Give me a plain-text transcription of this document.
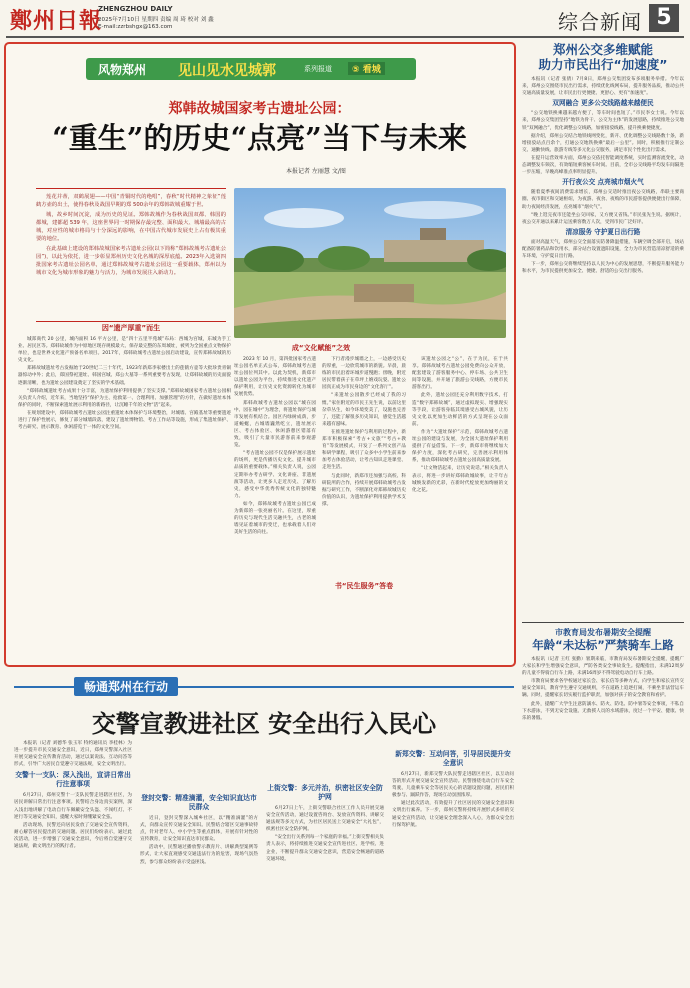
鄭州日報
ZHENGZHOU DAILY
2025年7月10日 星期四 责编 周 琦 校对 刘 鑫
E-mail:zzrbshgx@163.com	综合新闻 5
风物郑州 见山见水见城郭	系列报道	⑤ 看城
郑韩故城国家考古遗址公园：
“重生”的历史“点亮”当下与未来
本报记者 左丽慧 文/图

莲花并蒂，双鹤展翅——中国“青铜时代的绝唱”，春秋“时代精神之象征”莲鹤方壶的出土，使得春秋及战国早期的郑 500余年的郑韩故城重耀于世。

城，故乡时间沉淀，成为历史的见证。郑韩故城作为春秋战国双都、韩国的都城，建都超 539 年，这座世界同一时期保存最完整、面积最大、城墙最高的古城，对应性的城市格局与十分深远的影响，在中国古代城市发展史上占有极其重要的地位。

在此基础上建设的郑韩故城国家考古遗址公园(以下简称“郑韩故城考古遗址公园”)，以此为依托，进一步彰显郑州历史文化名城的深厚底蕴。2023年入选第四批国家考古遗址公园名单，通过郑韩故城考古遗址公园这一重要载体，郑州以为城市文化为城市形象的魅力与活力，为城市发展注入新动力。

因“遗产厚重”而生

城郑商代 20 公里，城内面积 16 平方公里，是“四十五里半苑城”布局：西城为宫城，东城为手工业、居民区等。郑韩故城作为中原地区现存规模最大、保存最完整的东周城址，被列为全国重点文物保护单位，也是世界文化遗产预备名单项目。2017年，郑韩故城考古遗址公园启动建设，宣传郑韩故城的历史文化。

郑韩故城遗址考古发掘始于20世纪二三十年代，1923年新郑李家楼出土的莲鹤方壶等大批珍贵青铜器惊动中外；此后，郑国祭祀遗址、韩国宫城、郑公大墓等一系列重要考古发现，让郑韩故城的历史面貌逐渐清晰，也为遗址公园建设奠定了坚实的学术基础。

“郑韩故城遗址考古成果十分丰富，为遗址保护利用提供了坚实支撑。”郑韩故城国家考古遗址公园相关负责人介绍，近年来，当地坚持“保护为主、抢救第一、合理利用、加强管理”的方针，在做好遗址本体保护的同时，不断探索遗址展示利用的新路径，让沉睡千年的文物“活”起来。

在规划建设中，郑韩故城考古遗址公园注重遗址本体保护与环境整治，对城墙、宫殿基址等重要遗迹进行了保护性展示，修复了部分城墙段落，建设了遗址博物馆、考古工作站等设施，形成了集遗址保护、考古研究、展示教育、休闲游览于一体的文化空间。

成“文化赋能”之效

2023 年 10 月，第四批国家考古遗址公园名单正式公布，郑韩故城考古遗址公园位列其中。以此为契机，新郑市以遗址公园为平台，持续推进文化遗产保护利用，让历史文化资源转化为城市发展优势。

郑韩故城考古遗址公园以“城在园中、园在城中”为理念，将遗址保护与城市发展有机结合。园区内绿树成荫，步道蜿蜒，古城墙巍然屹立，遗址展示区、考古体验区、休闲游憩区错落有致，吸引了大量市民游客前来参观游览。

“考古遗址公园不仅是保护展示遗址的场所，更是传播历史文化、提升城市品质的重要载体。”相关负责人说，公园定期举办考古研学、文化讲座、非遗展演等活动，让更多人走近历史、了解历史，感受中华优秀传统文化的独特魅力。

如今，郑韩故城考古遗址公园已成为新郑的一张亮丽名片。在这里，厚重的历史与现代生活交融共生，古老的城墙见证着城市的变迁，也承载着人们对美好生活的向往。

下行者漫步城墙之上，一边感受历史的厚重，一边欣赏城市的新貌。早晨，晨练的市民沿着环城步道慢跑；傍晚，附近居民带着孩子在草坪上嬉戏玩耍。遗址公园真正成为市民身边的“文化客厅”。

“来遗址公园散步已经成了我的习惯。”家住附近的市民王先生说，以前这里杂草丛生，如今环境变美了，设施也完善了，还能了解很多历史知识，感觉生活越来越有滋味。

在推进遗址保护与利用的过程中，新郑市积极探索“考古+文旅”“考古+教育”等发展模式，开发了一系列文创产品和研学课程，吸引了众多中小学生前来参加考古体验活动，让考古知识走进课堂、走进生活。

与此同时，新郑市还加强与高校、科研院所的合作，持续开展郑韩故城考古发掘与研究工作，不断深化对郑韩故城历史价值的认识，为遗址保护利用提供学术支撑。

书“民生服务”答卷

该遗址公园之“公”，在于为民，在于共享。郑韩故城考古遗址公园免费向公众开放，配套建设了游客服务中心、停车场、公共卫生间等设施，并开通了旅游公交线路，方便市民游客出行。

此外，遗址公园还充分利用数字技术，打造“数字郑韩故城”，通过虚拟现实、增强现实等手段，让游客身临其境感受古城风貌，让历史文化以更加生动鲜活的方式呈现在公众面前。

作为“大遗址保护”示范，郑韩故城考古遗址公园的建设与发展，为全国大遗址保护利用提供了有益借鉴。下一步，新郑市将继续加大保护力度，深化考古研究，完善展示利用体系，推动郑韩故城考古遗址公园高质量发展。

“让文物活起来，让历史说话。”相关负责人表示，将进一步讲好郑韩故城故事，让千年古城焕发新的光彩，在新时代绽放更加绚丽的文化之花。

郑州公交多维赋能
助力市民出行“加速度”

本报讯（记者 张倩）7月8日，郑州公交集团发布多项服务举措。今年以来，郑州公交围绕市民出行需求，持续优化线网布局，提升服务品质，推动公共交通高质量发展，让市民出行更便捷、更舒心、更有“加速度”。

双网融合 更多公交线路越来越便民

“公交地铁换乘越来越方便了，等车时间也短了。”市民李女士说。今年以来，郑州公交集团坚持“地铁为骨干、公交为主体”的发展思路，持续推进公交地铁“双网融合”，优化调整公交线路，加密接驳线路，提升换乘便捷度。

据介绍，郑州公交结合地铁线网变化，新开、优化调整公交线路数十条，新增接驳站点百余个，打通公交地铁换乘“最后一公里”。同时，积极推行定制公交、通勤快线、旅游专线等多元化公交服务，满足市民个性化出行需求。

在提升运营效率方面，郑州公交依托智能调度系统，实时监测客流变化，动态调整发车频次，有效缩短乘客候车时间。目前，全市公交线路平均发车间隔进一步压缩，早晚高峰准点率明显提升。

开行夜公交 点亮城市烟火气

随着夏季夜间消费需求增长，郑州公交适时推出夜公交线路，串联主要商圈、夜市街区和交通枢纽，为夜游、夜食、夜购的市民游客提供便捷出行保障，助力夜间经济发展，点亮城市“烟火气”。

“晚上逛完夜市还能坐公交回家，又方便又省钱。”市民张先生说。据统计，夜公交开通以来累计运送乘客数万人次，受到市民广泛好评。

清凉服务 守护夏日出行路

面对高温天气，郑州公交全面落实防暑降温措施，车辆空调全部开启，场站配备防暑药品和饮用水，部分站台设置遮阳设施，全力为市民营造清凉舒适的乘车环境，守护夏日出行路。

下一步，郑州公交将继续坚持以人民为中心的发展思想，不断提升服务能力和水平，为市民提供更加安全、便捷、舒适的公交出行服务。

市教育局发布暑期安全提醒
年龄“未达标”严禁骑车上路

本报讯（记者 王红 张勤）暑期来临，市教育局发布暑期安全提醒，提醒广大家长和学生增强安全意识，严防各类安全事故发生。提醒指出，未满12周岁的儿童不得骑自行车上路，未满16周岁不得驾驶电动自行车上路。

市教育局要求各学校通过家长会、家长信等多种方式，向学生和家长宣传交通安全知识，教育学生遵守交通规则，不在道路上追逐打闹，不乘坐非法营运车辆。同时，提醒家长切实履行监护职责，加强对孩子的安全教育和看护。

此外，提醒广大学生注意防溺水、防火、防电、防中暑等安全事项，不私自下水游泳，不到无安全设施、无救援人员的水域游泳，度过一个平安、健康、快乐的暑假。

畅通郑州在行动
交警宣教进社区 安全出行入民心

本报讯（记者 刘德华 张玉军 特约通讯员 李桂林）为进一步提升市民交通安全意识，近日，郑州交警深入社区开展交通安全宣传教育活动，通过以案说法、互动问答等形式，引导广大居民自觉遵守交通法规，安全文明出行。

交警十一支队：深入浅出，宣讲日常出行注意事项

6月27日，郑州交警十一支队民警走进辖区社区，为居民讲解日常出行注意事项。民警结合身边真实案例，深入浅出地讲解了电动自行车佩戴安全头盔、不闯红灯、不逆行等交通安全知识，提醒大家时刻绷紧安全弦。

活动现场，民警还向居民发放了交通安全宣传资料，耐心解答居民提出的交通问题。居民们纷纷表示，通过此次活动，进一步增强了交通安全意识，今后将自觉遵守交通法规，做文明出行的践行者。

登封交警：精准滴灌，安全知识直达市民群众

近日，登封交警深入城乡社区，以“精准滴灌”的方式，向群众宣传交通安全知识。民警结合辖区交通事故特点，针对老年人、中小学生等重点群体，开展有针对性的宣传教育，让安全知识直达市民群众。

活动中，民警通过播放警示教育片、讲解典型案例等形式，让大家直观感受交通违法行为的危害，现场气氛热烈，参与群众纷纷表示受益匪浅。

上街交警：多元并治，织密社区安全防护网

6月27日上午，上街交警联合社区工作人员开展交通安全宣传活动，通过设置咨询台、发放宣传资料、讲解交通法规等多元方式，为社区居民送上交通安全“大礼包”，织密社区安全防护网。

“安全出行关系到每一个家庭的幸福。”上街交警相关负责人表示，将持续推进交通安全宣传进社区、进学校、进企业，不断提升群众交通安全意识，营造安全畅通的道路交通环境。

新郑交警：互动问答，引导居民提升安全意识

6月27日，新郑交警大队民警走进辖区社区，以互动问答的形式开展交通安全宣传活动。民警围绕电动自行车安全驾驶、儿童乘车安全等居民关心的话题设置问题，居民们积极参与、踊跃作答，现场互动氛围浓厚。

通过此次活动，有效提升了社区居民的交通安全意识和文明出行素养。下一步，郑州交警将持续开展形式多样的交通安全宣传活动，让交通安全理念深入人心，为群众安全出行保驾护航。
